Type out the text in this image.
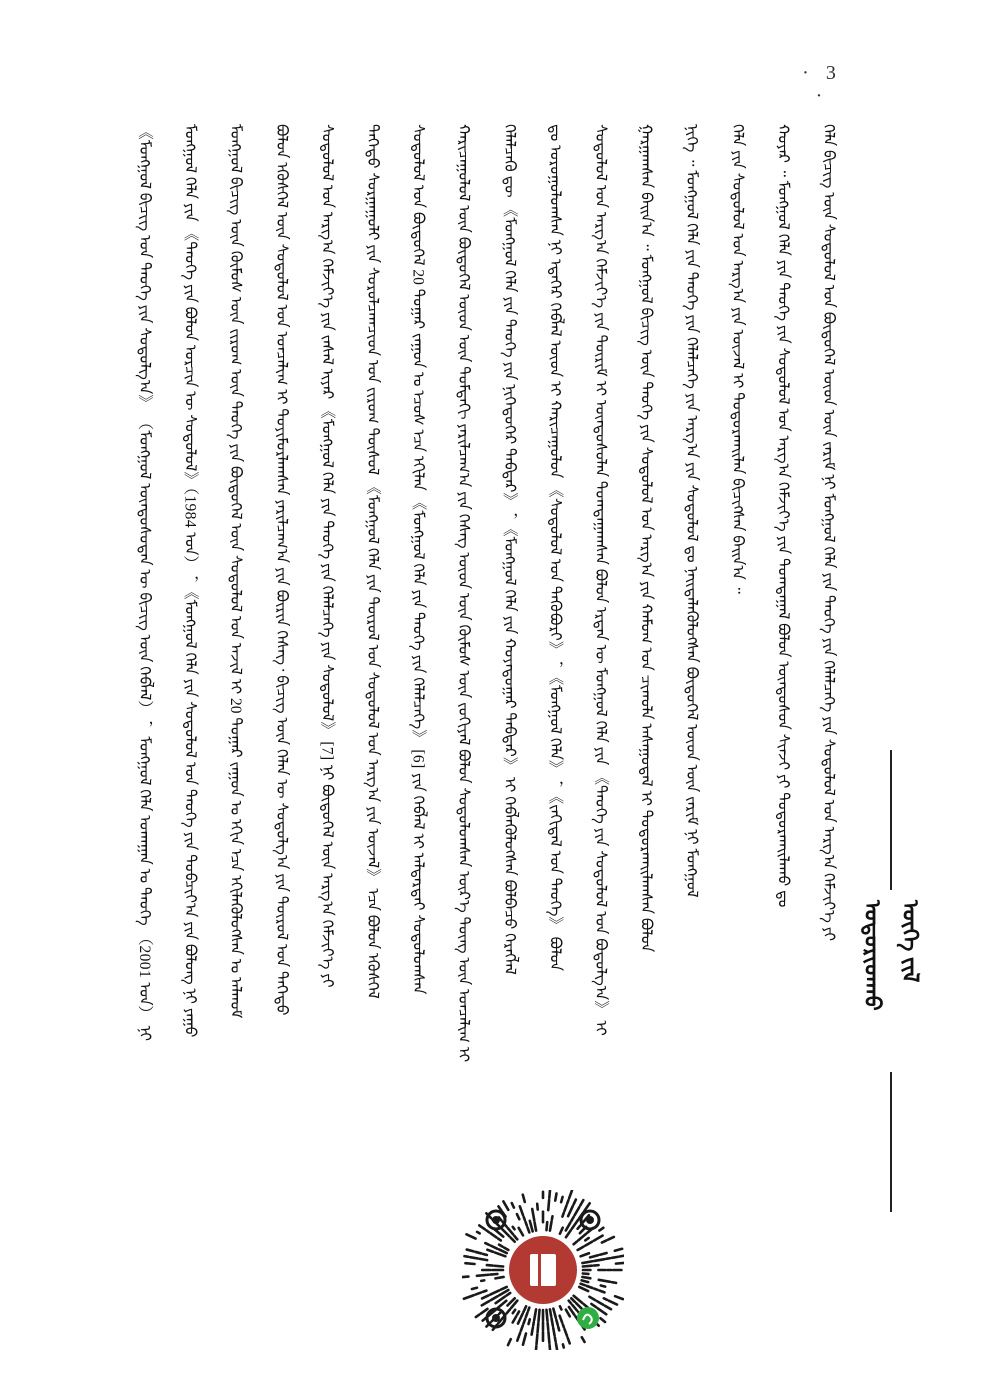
· 3 ·
ᠤᠳᠤᠷᠢᠳᠬᠤ ᠦᠭᠡ ᠵᠢᠯ
《ᠮᠣᠩᠭᠣᠯ ᠪᠢᠴᠢᠭ᠌ ᠤᠨ ᠲᠡᠦᠬᠡ ᠶᠢᠨ ᠰᠤᠳᠤᠯᠭ᠎ᠠ》 （ᠮᠣᠩᠭᠣᠯ ᠦᠨᠳᠦᠰᠦᠲᠡᠨ ᠦ ᠪᠢᠴᠢᠭ᠌ ᠦᠨ ᠬᠡᠪᠯᠡᠯ） ，ᠮᠣᠩᠭᠣᠯ ᠬᠡᠯᠡ ᠤᠬᠠᠭᠠᠨ ᠤ ᠲᠡᠦᠬᠡ （2001 ᠣᠨ） ᠨᠢ ᠮᠣᠩᠭᠣᠯ ᠬᠡᠯᠡ ᠶᠢᠨ 《ᠲᠡᠦᠬᠡ ᠶᠢᠨ ᠪᠣᠯᠤᠨ ᠣᠷᠴᠢᠨ ᠦ ᠰᠤᠳᠤᠯᠤᠯ》（1984 ᠣᠨ） ，《ᠮᠣᠩᠭᠣᠯ ᠬᠡᠯᠡ ᠶᠢᠨ ᠰᠤᠳᠤᠯᠤᠯ ᠤᠨ ᠲᠡᠦᠬᠡ ᠶᠢᠨ ᠲᠣᠪᠴᠢᠶ᠎ᠠ ᠶᠢᠨ ᠪᠤᠯᠤᠩ ᠨᠢ ᠶᠠᠭᠤ ᠮᠣᠩᠭᠣᠯ ᠪᠢᠴᠢᠭ᠌ ᠦᠨ ᠬᠦᠮᠦᠰ ᠦᠨ ᠵᠢᠷᠤᠭ ᠦᠨ ᠲᠡᠦᠬᠡ ᠶᠢᠨ ᠪᠦᠲᠦᠭᠡᠯ ᠦᠨ ᠰᠤᠳᠤᠯᠤᠯ ᠤᠨ ᠠᠵᠢᠯ ᠢ 20 ᠳᠤᠭᠠᠷ ᠵᠠᠭᠤᠨ ᠤ ᠡᠬᠢᠨ ᠡᠴᠡ ᠡᠬᠢᠯᠡᠭᠦᠯᠦᠭᠰᠡᠨ ᠤ ᠠᠯᠬᠤᠮ ᠪᠣᠯᠤᠨ ᠡᠬᠦᠰᠬᠡᠯ ᠦᠨ ᠰᠤᠳᠤᠯᠤᠯ ᠤᠨ ᠣᠨᠴᠠᠯᠢᠭ ᠢ ᠲᠤᠶᠢᠮᠤᠷᠯᠠᠭᠰᠠᠨ ᠶᠠᠷᠢᠯᠴᠠᠭ᠎ᠠ ᠶᠢᠨ ᠪᠦᠷᠢᠨ ᠬᠡᠰᠡᠭ᠂ ᠪᠢᠴᠢᠭ᠌ ᠦᠨ ᠬᠡᠯᠡᠨ ᠦ ᠰᠤᠳᠤᠯᠭ᠎ᠠ ᠶᠢᠨ ᠲᠦᠷᠦᠯ ᠤᠨ ᠳᠡᠭᠡᠳᠦ ᠰᠤᠳᠤᠯᠤᠯ ᠤᠨ ᠠᠷᠭ᠎ᠠ ᠬᠡᠮᠵᠢᠶ᠎ᠡ ᠶᠢᠨ ᠵᠠᠰᠠᠯ ᠢᠶᠠᠷ 《ᠮᠣᠩᠭᠣᠯ ᠬᠡᠯᠡ ᠶᠢᠨ ᠲᠡᠦᠬᠡ ᠶᠢᠨ ᠬᠡᠯᠡᠯᠴᠡᠭᠡ ᠶᠢᠨ ᠰᠤᠳᠤᠯᠤᠯ》 [7] ᠨᠢ ᠪᠦᠲᠦᠭᠡᠯ ᠦᠨ ᠠᠷᠭ᠎ᠠ ᠬᠡᠮᠵᠢᠶ᠎ᠡ ᠶᠢ ᠳᠡᠭᠡᠳᠦ ᠰᠤᠷᠭᠠᠭᠤᠯᠢ ᠶᠢᠨ ᠰᠤᠷᠤᠯᠴᠠᠭᠴᠢᠳ ᠤᠨ ᠵᠢᠷᠤᠭ ᠲᠥᠰᠥᠯ 《ᠮᠣᠩᠭᠣᠯ ᠬᠡᠯᠡ ᠶᠢᠨ ᠲᠥᠷᠦᠯ ᠤᠨ ᠰᠤᠳᠤᠯᠤᠯ ᠤᠨ ᠠᠷᠭ᠎ᠠ ᠶᠢᠨ ᠦᠵᠡᠯ》 ᠡᠴᠡ ᠪᠣᠯᠤᠨ ᠡᠬᠦᠰᠬᠡᠯ ᠰᠤᠳᠤᠯᠤᠯ ᠤᠨ ᠪᠦᠲᠦᠭᠡᠯ 20 ᠳᠤᠭᠠᠷ ᠵᠠᠭᠤᠨ ᠤ ᠡᠴᠦᠰ ᠡᠴᠡ ᠡᠬᠢᠯᠡᠨ 《ᠮᠣᠩᠭᠣᠯ ᠬᠡᠯᠡ ᠶᠢᠨ ᠲᠡᠦᠬᠡ ᠶᠢᠨ ᠬᠡᠯᠡᠯᠴᠡᠭᠡ》 [6] ᠶᠢᠨ ᠬᠡᠪᠯᠡᠯ ᠢ ᠠᠯᠳᠠᠷᠲᠠᠢ ᠰᠤᠳᠤᠯᠤᠭᠰᠠᠨ ᠬᠠᠷᠢᠴᠠᠭᠤᠯᠤᠯ ᠦᠨ ᠪᠦᠲᠦᠭᠡᠯ ᠦᠳ ᠦᠨ ᠳᠤᠮᠳᠠᠬᠢ ᠶᠠᠷᠢᠯᠴᠠᠭ᠎ᠠ ᠶᠢᠨ ᠬᠡᠰᠡᠭ ᠦᠳ ᠦᠨ ᠬᠦᠮᠦᠰ ᠦᠨ ᠵᠣᠬᠢᠶᠠᠯ ᠪᠣᠯᠤᠨ ᠰᠤᠳᠤᠯᠤᠭᠰᠠᠨ ᠦᠷ᠎ᠡ ᠳᠦᠩ ᠦᠨ ᠣᠨᠴᠠᠯᠢᠭ ᠢ ᠬᠡᠯᠡᠯᠴᠡᠬᠦ ᠳᠦ 《ᠮᠣᠩᠭᠣᠯ ᠬᠡᠯᠡ ᠶᠢᠨ ᠲᠡᠦᠬᠡ ᠶᠢᠨ ᠨᠢᠭᠡᠳᠦᠭᠡᠷ ᠳᠡᠪᠲᠡᠷ》 ，《ᠮᠣᠩᠭᠣᠯ ᠬᠡᠯᠡ ᠶᠢᠨ ᠬᠣᠶᠠᠳᠤᠭᠠᠷ ᠳᠡᠪᠲᠡᠷ》 ᠢ ᠬᠡᠪᠯᠡᠭᠦᠯᠦᠭᠰᠡᠨ ᠪᠣᠯᠪᠠᠴᠤ ᠬᠡᠷᠡᠭᠯᠡᠯ ᠳᠤ ᠣᠷᠣᠭᠤᠯᠤᠭᠰᠠᠨ ᠨᠢ ᠡᠳᠡᠭᠡᠷ ᠬᠡᠪᠯᠡᠯ ᠦᠳ ᠢ ᠬᠠᠷᠢᠴᠠᠭᠤᠯᠤᠨ 《ᠰᠤᠳᠤᠯᠤᠯ ᠤᠨ ᠲᠡᠭᠦᠪᠦᠷᠢ》 ，《ᠮᠣᠩᠭᠣᠯ ᠬᠡᠯᠡ》 ，《ᠵᠠᠬᠢᠳᠠᠯ ᠤᠨ ᠲᠡᠦᠬᠡ》 ᠪᠣᠯᠤᠨ ᠰᠤᠳᠤᠯᠤᠯ ᠤᠨ ᠠᠷᠭ᠎ᠠ ᠬᠡᠮᠵᠢᠶ᠎ᠡ ᠶᠢᠨ ᠳᠦᠷᠢᠮ ᠢ ᠦᠨᠳᠦᠰᠦᠯᠡᠨ ᠲᠣᠭᠲᠠᠭᠠᠭᠰᠠᠨ ᠪᠣᠯᠤᠨ ᠡᠷᠲᠡᠨ ᠦ ᠮᠣᠩᠭᠣᠯ ᠬᠡᠯᠡ ᠶᠢᠨ 《ᠲᠡᠦᠬᠡ ᠶᠢᠨ ᠰᠤᠳᠤᠯᠤᠯ ᠤᠨ ᠪᠣᠳᠤᠯᠭ᠎ᠠ》 ᠢ ᠭᠠᠷᠭᠠᠭᠰᠠᠨ ᠪᠠᠢᠨ᠎ᠠ ᠃ ᠮᠣᠩᠭᠣᠯ ᠪᠢᠴᠢᠭ᠌ ᠦᠨ ᠲᠡᠦᠬᠡ ᠶᠢᠨ ᠰᠤᠳᠤᠯᠤᠯ ᠤᠨ ᠠᠷᠭ᠎ᠠ ᠶᠢᠨ ᠬᠠᠮᠤᠭ ᠤᠨ ᠴᠢᠬᠤᠯᠠ ᠠᠰᠠᠭᠤᠳᠠᠯ ᠢ ᠲᠣᠳᠣᠷᠬᠠᠢᠯᠠᠭᠰᠠᠨ ᠪᠣᠯᠤᠨ ᠨᠢᠭᠡ ᠃ ᠮᠣᠩᠭᠣᠯ ᠬᠡᠯᠡ ᠶᠢᠨ ᠲᠡᠦᠬᠡ ᠶᠢᠨ ᠬᠡᠯᠡᠯᠴᠡᠭᠡ ᠶᠢᠨ ᠠᠷᠭ᠎ᠠ ᠶᠢᠨ ᠰᠤᠳᠤᠯᠤᠯ ᠳᠤ ᠨᠡᠢᠲᠡᠯᠡᠭᠦᠯᠦᠭᠰᠡᠨ ᠪᠦᠲᠦᠭᠡᠯ ᠦᠳ ᠦᠨ ᠵᠠᠷᠢᠮ ᠨᠢ ᠮᠣᠩᠭᠣᠯ ᠬᠡᠯᠡ ᠶᠢᠨ ᠰᠤᠳᠤᠯᠤᠯ ᠤᠨ ᠠᠷᠭ᠎ᠠ ᠶᠢᠨ ᠦᠵᠡᠯ ᠢ ᠲᠣᠳᠣᠷᠬᠠᠢᠯᠠᠨ ᠪᠢᠴᠢᠭᠰᠡᠨ ᠪᠠᠢᠨ᠎ᠠ ᠃ ᠬᠣᠶᠠᠷ ᠃ ᠮᠣᠩᠭᠣᠯ ᠬᠡᠯᠡ ᠶᠢᠨ ᠲᠡᠦᠬᠡ ᠶᠢᠨ ᠰᠤᠳᠤᠯᠤᠯ ᠤᠨ ᠠᠷᠭ᠎ᠠ ᠬᠡᠮᠵᠢᠶ᠎ᠡ ᠶᠢᠨ ᠲᠣᠭᠲᠠᠭᠠᠯ ᠪᠣᠯᠤᠨ ᠦᠨᠳᠦᠰᠦᠨ ᠰᠢᠨᠵᠢ ᠶᠢ ᠲᠣᠳᠣᠷᠬᠠᠢᠯᠠᠬᠤ ᠳᠤ ᠬᠡᠯᠡ ᠪᠢᠴᠢᠭ᠌ ᠦᠨ ᠰᠤᠳᠤᠯᠤᠯ ᠤᠨ ᠪᠦᠲᠦᠭᠡᠯ ᠦᠳ ᠦᠨ ᠵᠠᠷᠢᠮ ᠨᠢ ᠮᠣᠩᠭᠣᠯ ᠬᠡᠯᠡ ᠶᠢᠨ ᠲᠡᠦᠬᠡ ᠶᠢᠨ ᠬᠡᠯᠡᠯᠴᠡᠭᠡ ᠶᠢᠨ ᠰᠤᠳᠤᠯᠤᠯ ᠤᠨ ᠠᠷᠭ᠎ᠠ ᠬᠡᠮᠵᠢᠶ᠎ᠡ ᠶᠢ
